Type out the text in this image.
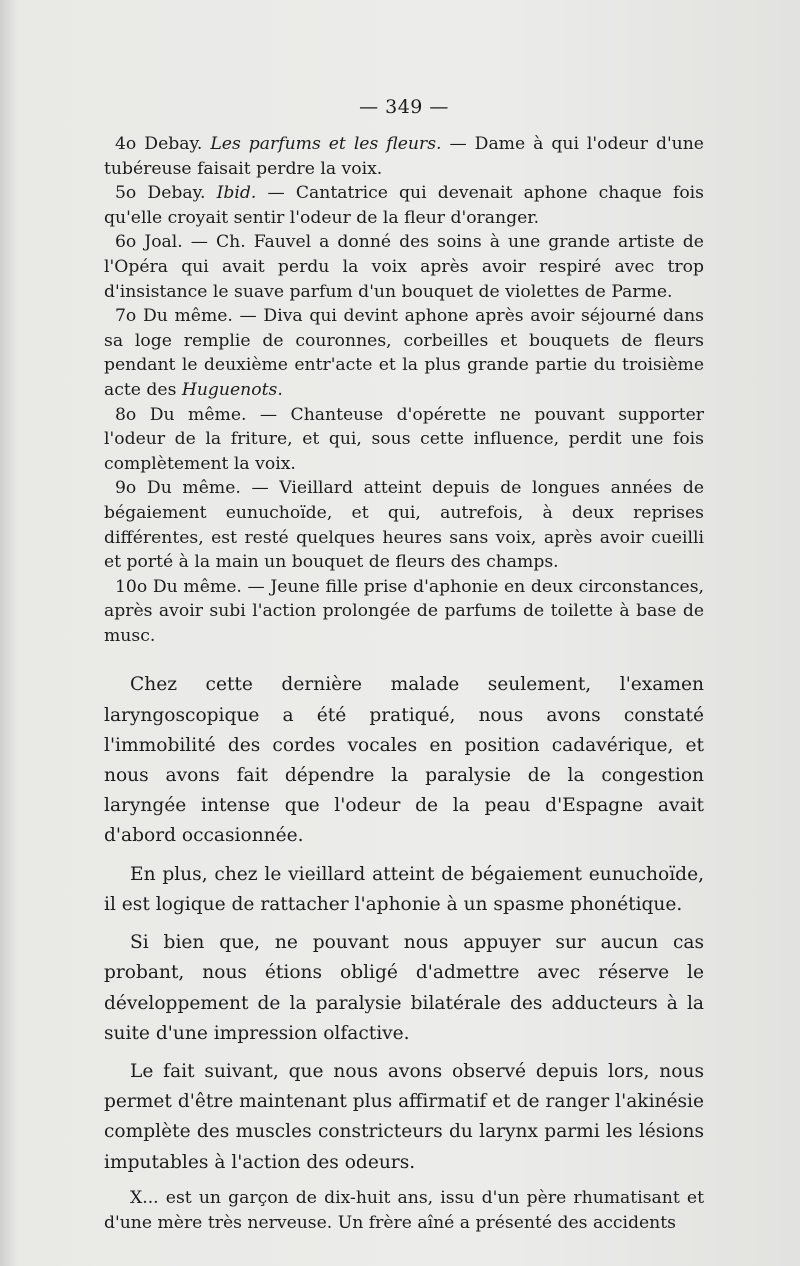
— 349 —

4o Debay. Les parfums et les fleurs. — Dame à qui l'odeur d'une tubéreuse faisait perdre la voix.

5o Debay. Ibid. — Cantatrice qui devenait aphone chaque fois qu'elle croyait sentir l'odeur de la fleur d'oranger.

6o Joal. — Ch. Fauvel a donné des soins à une grande artiste de l'Opéra qui avait perdu la voix après avoir respiré avec trop d'insistance le suave parfum d'un bouquet de violettes de Parme.

7o Du même. — Diva qui devint aphone après avoir séjourné dans sa loge remplie de couronnes, corbeilles et bouquets de fleurs pendant le deuxième entr'acte et la plus grande partie du troisième acte des Huguenots.

8o Du même. — Chanteuse d'opérette ne pouvant supporter l'odeur de la friture, et qui, sous cette influence, perdit une fois complètement la voix.

9o Du même. — Vieillard atteint depuis de longues années de bégaiement eunuchoïde, et qui, autrefois, à deux reprises différentes, est resté quelques heures sans voix, après avoir cueilli et porté à la main un bouquet de fleurs des champs.

10o Du même. — Jeune fille prise d'aphonie en deux circonstances, après avoir subi l'action prolongée de parfums de toilette à base de musc.

Chez cette dernière malade seulement, l'examen laryngoscopique a été pratiqué, nous avons constaté l'immobilité des cordes vocales en position cadavérique, et nous avons fait dépendre la paralysie de la congestion laryngée intense que l'odeur de la peau d'Espagne avait d'abord occasionnée.

En plus, chez le vieillard atteint de bégaiement eunuchoïde, il est logique de rattacher l'aphonie à un spasme phonétique.

Si bien que, ne pouvant nous appuyer sur aucun cas probant, nous étions obligé d'admettre avec réserve le développement de la paralysie bilatérale des adducteurs à la suite d'une impression olfactive.

Le fait suivant, que nous avons observé depuis lors, nous permet d'être maintenant plus affirmatif et de ranger l'akinésie complète des muscles constricteurs du larynx parmi les lésions imputables à l'action des odeurs.

X... est un garçon de dix-huit ans, issu d'un père rhumatisant et d'une mère très nerveuse. Un frère aîné a présenté des accidents
